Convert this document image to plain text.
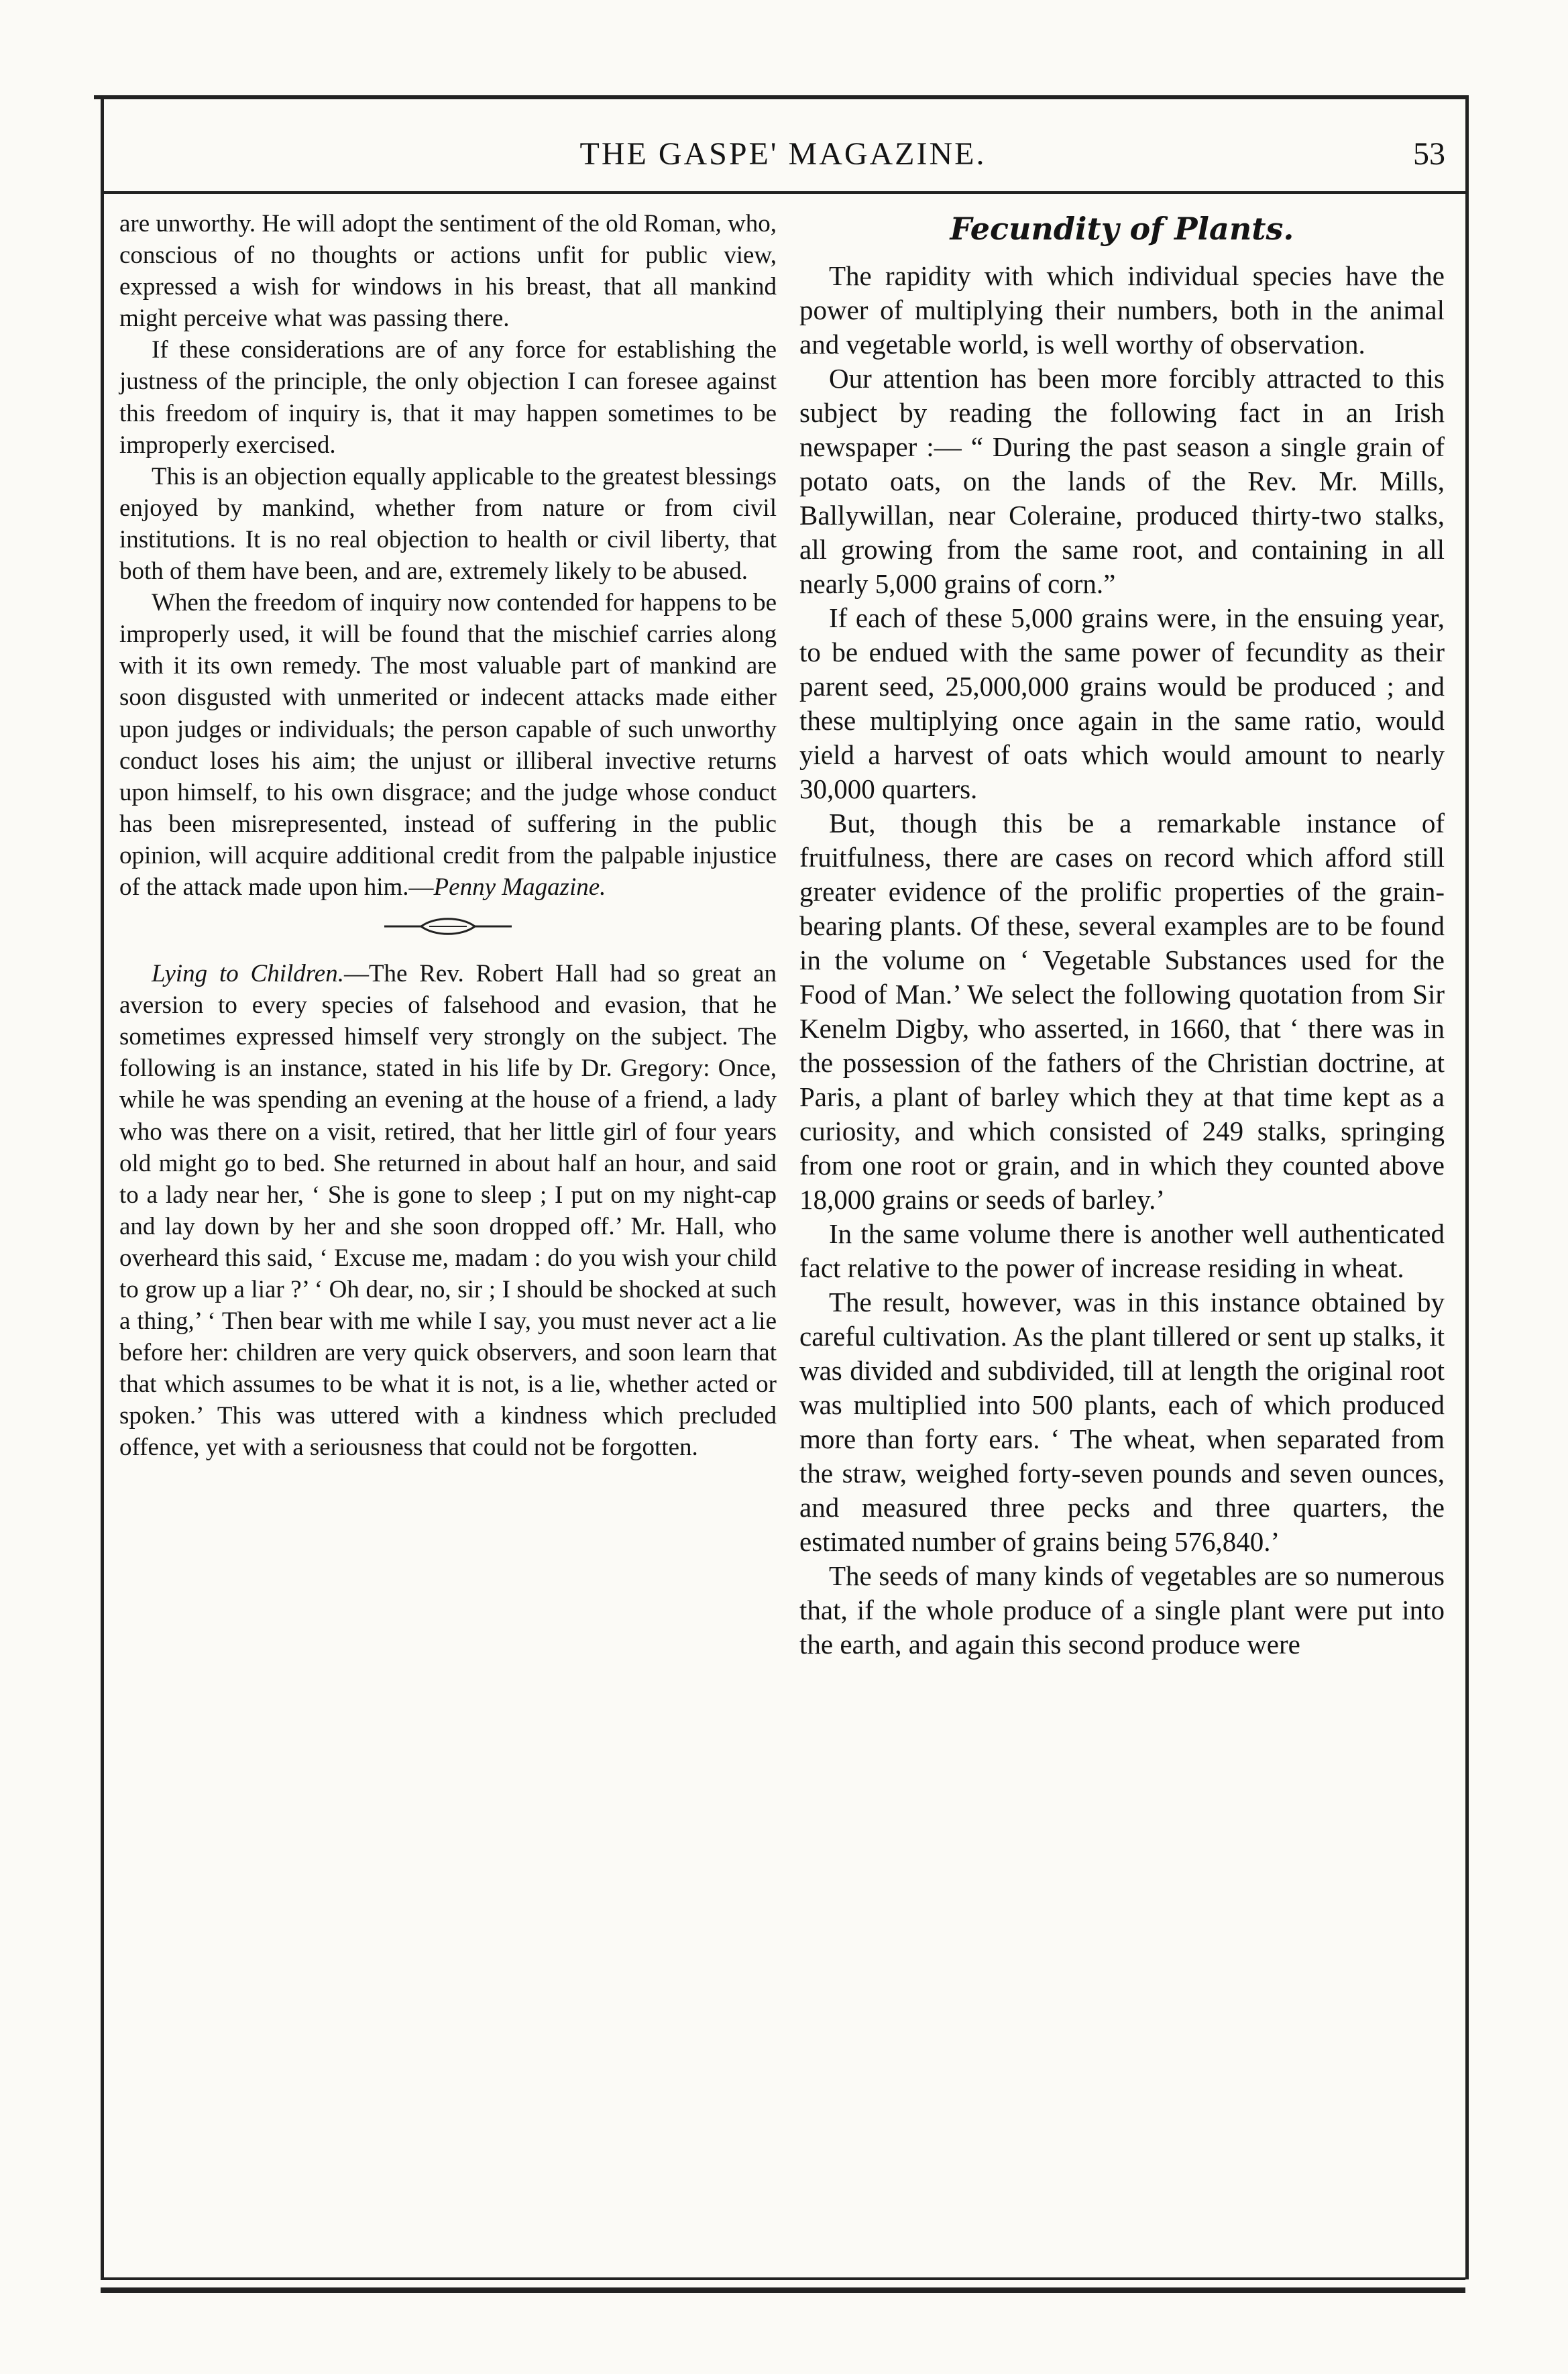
THE GASPE' MAGAZINE.	53

are unworthy. He will adopt the sentiment of the old Roman, who, conscious of no thoughts or actions unfit for public view, expressed a wish for windows in his breast, that all mankind might perceive what was passing there.

If these considerations are of any force for establishing the justness of the principle, the only objection I can foresee against this freedom of inquiry is, that it may happen sometimes to be improperly exercised.

This is an objection equally applicable to the greatest blessings enjoyed by mankind, whether from nature or from civil institutions. It is no real objection to health or civil liberty, that both of them have been, and are, extremely likely to be abused.

When the freedom of inquiry now contended for happens to be improperly used, it will be found that the mischief carries along with it its own remedy. The most valuable part of mankind are soon disgusted with unmerited or indecent attacks made either upon judges or individuals; the person capable of such unworthy conduct loses his aim; the unjust or illiberal invective returns upon himself, to his own disgrace; and the judge whose conduct has been misrepresented, instead of suffering in the public opinion, will acquire additional credit from the palpable injustice of the attack made upon him.—Penny Magazine.

Lying to Children.—The Rev. Robert Hall had so great an aversion to every species of falsehood and evasion, that he sometimes expressed himself very strongly on the subject. The following is an instance, stated in his life by Dr. Gregory: Once, while he was spending an evening at the house of a friend, a lady who was there on a visit, retired, that her little girl of four years old might go to bed. She returned in about half an hour, and said to a lady near her, ‘ She is gone to sleep ; I put on my night-cap and lay down by her and she soon dropped off.’ Mr. Hall, who overheard this said, ‘ Excuse me, madam : do you wish your child to grow up a liar ?’ ‘ Oh dear, no, sir ; I should be shocked at such a thing,’ ‘ Then bear with me while I say, you must never act a lie before her: children are very quick observers, and soon learn that that which assumes to be what it is not, is a lie, whether acted or spoken.’ This was uttered with a kindness which precluded offence, yet with a seriousness that could not be forgotten.

Fecundity of Plants.

The rapidity with which individual species have the power of multiplying their numbers, both in the animal and vegetable world, is well worthy of observation.

Our attention has been more forcibly attracted to this subject by reading the following fact in an Irish newspaper :— “ During the past season a single grain of potato oats, on the lands of the Rev. Mr. Mills, Ballywillan, near Coleraine, produced thirty-two stalks, all growing from the same root, and containing in all nearly 5,000 grains of corn.”

If each of these 5,000 grains were, in the ensuing year, to be endued with the same power of fecundity as their parent seed, 25,000,000 grains would be produced ; and these multiplying once again in the same ratio, would yield a harvest of oats which would amount to nearly 30,000 quarters.

But, though this be a remarkable instance of fruitfulness, there are cases on record which afford still greater evidence of the prolific properties of the grain-bearing plants. Of these, several examples are to be found in the volume on ‘ Vegetable Substances used for the Food of Man.’ We select the following quotation from Sir Kenelm Digby, who asserted, in 1660, that ‘ there was in the possession of the fathers of the Christian doctrine, at Paris, a plant of barley which they at that time kept as a curiosity, and which consisted of 249 stalks, springing from one root or grain, and in which they counted above 18,000 grains or seeds of barley.’

In the same volume there is another well authenticated fact relative to the power of increase residing in wheat.

The result, however, was in this instance obtained by careful cultivation. As the plant tillered or sent up stalks, it was divided and subdivided, till at length the original root was multiplied into 500 plants, each of which produced more than forty ears. ‘ The wheat, when separated from the straw, weighed forty-seven pounds and seven ounces, and measured three pecks and three quarters, the estimated number of grains being 576,840.’

The seeds of many kinds of vegetables are so numerous that, if the whole produce of a single plant were put into the earth, and again this second produce were
